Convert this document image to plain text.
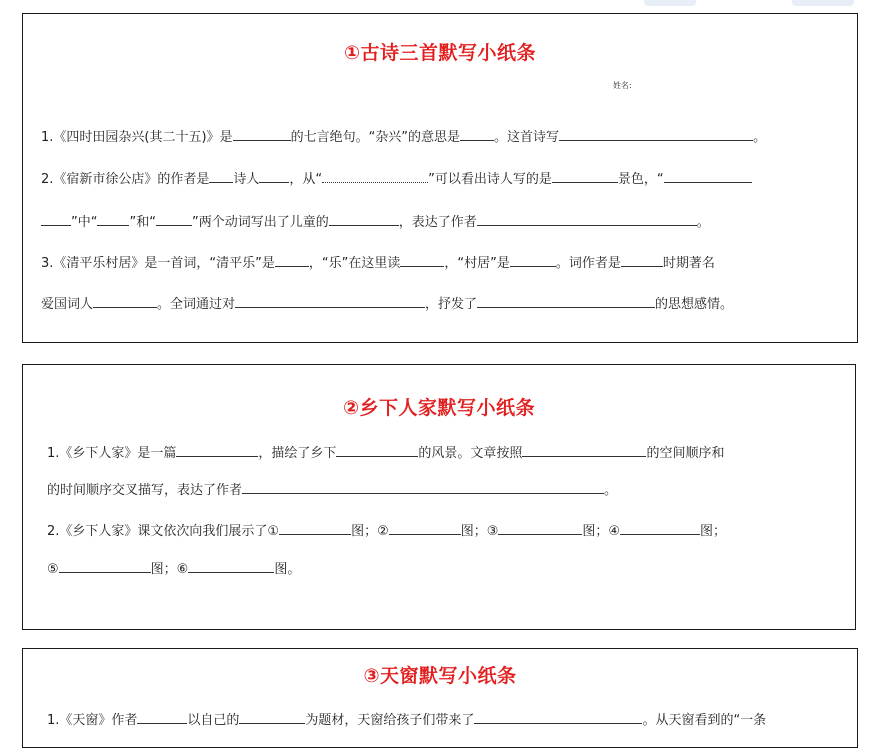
①古诗三首默写小纸条
姓名:
1.《四时田园杂兴(其二十五)》是	的七言绝句。“杂兴”的意思是	。这首诗写	。
2.《宿新市徐公店》的作者是 诗人 ，从“	”可以看出诗人写的是	景色，“
”中“ ”和“	”两个动词写出了儿童的	，表达了作者	。
3.《清平乐村居》是一首词，“清平乐”是	，“乐”在这里读	，“村居”是	。词作者是	时期著名
爱国词人	。全词通过对	，抒发了	的思想感情。
②乡下人家默写小纸条
1.《乡下人家》是一篇	，描绘了乡下	的风景。文章按照	的空间顺序和
的时间顺序交叉描写，表达了作者	。
2.《乡下人家》课文依次向我们展示了①	图；②	图；③	图；④	图；
⑤	图；⑥	图。
③天窗默写小纸条
1.《天窗》作者	以自己的	为题材，天窗给孩子们带来了	。从天窗看到的“一条
